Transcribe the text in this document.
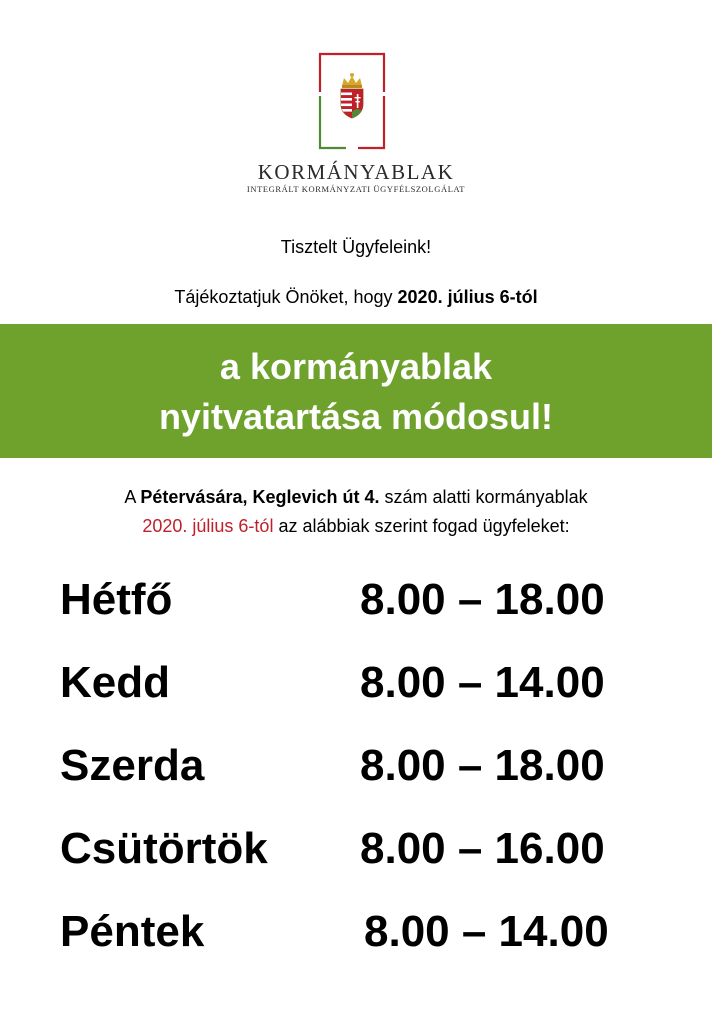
KORMÁNYABLAK
INTEGRÁLT KORMÁNYZATI ÜGYFÉLSZOLGÁLAT
Tisztelt Ügyfeleink!
Tájékoztatjuk Önöket, hogy 2020. július 6-tól
a kormányablak
nyitvatartása módosul!
A Pétervására, Keglevich út 4. szám alatti kormányablak
2020. július 6-tól az alábbiak szerint fogad ügyfeleket:
Hétfő	8.00 – 18.00
Kedd	8.00 – 14.00
Szerda	8.00 – 18.00
Csütörtök 8.00 – 16.00
Péntek	8.00 – 14.00
